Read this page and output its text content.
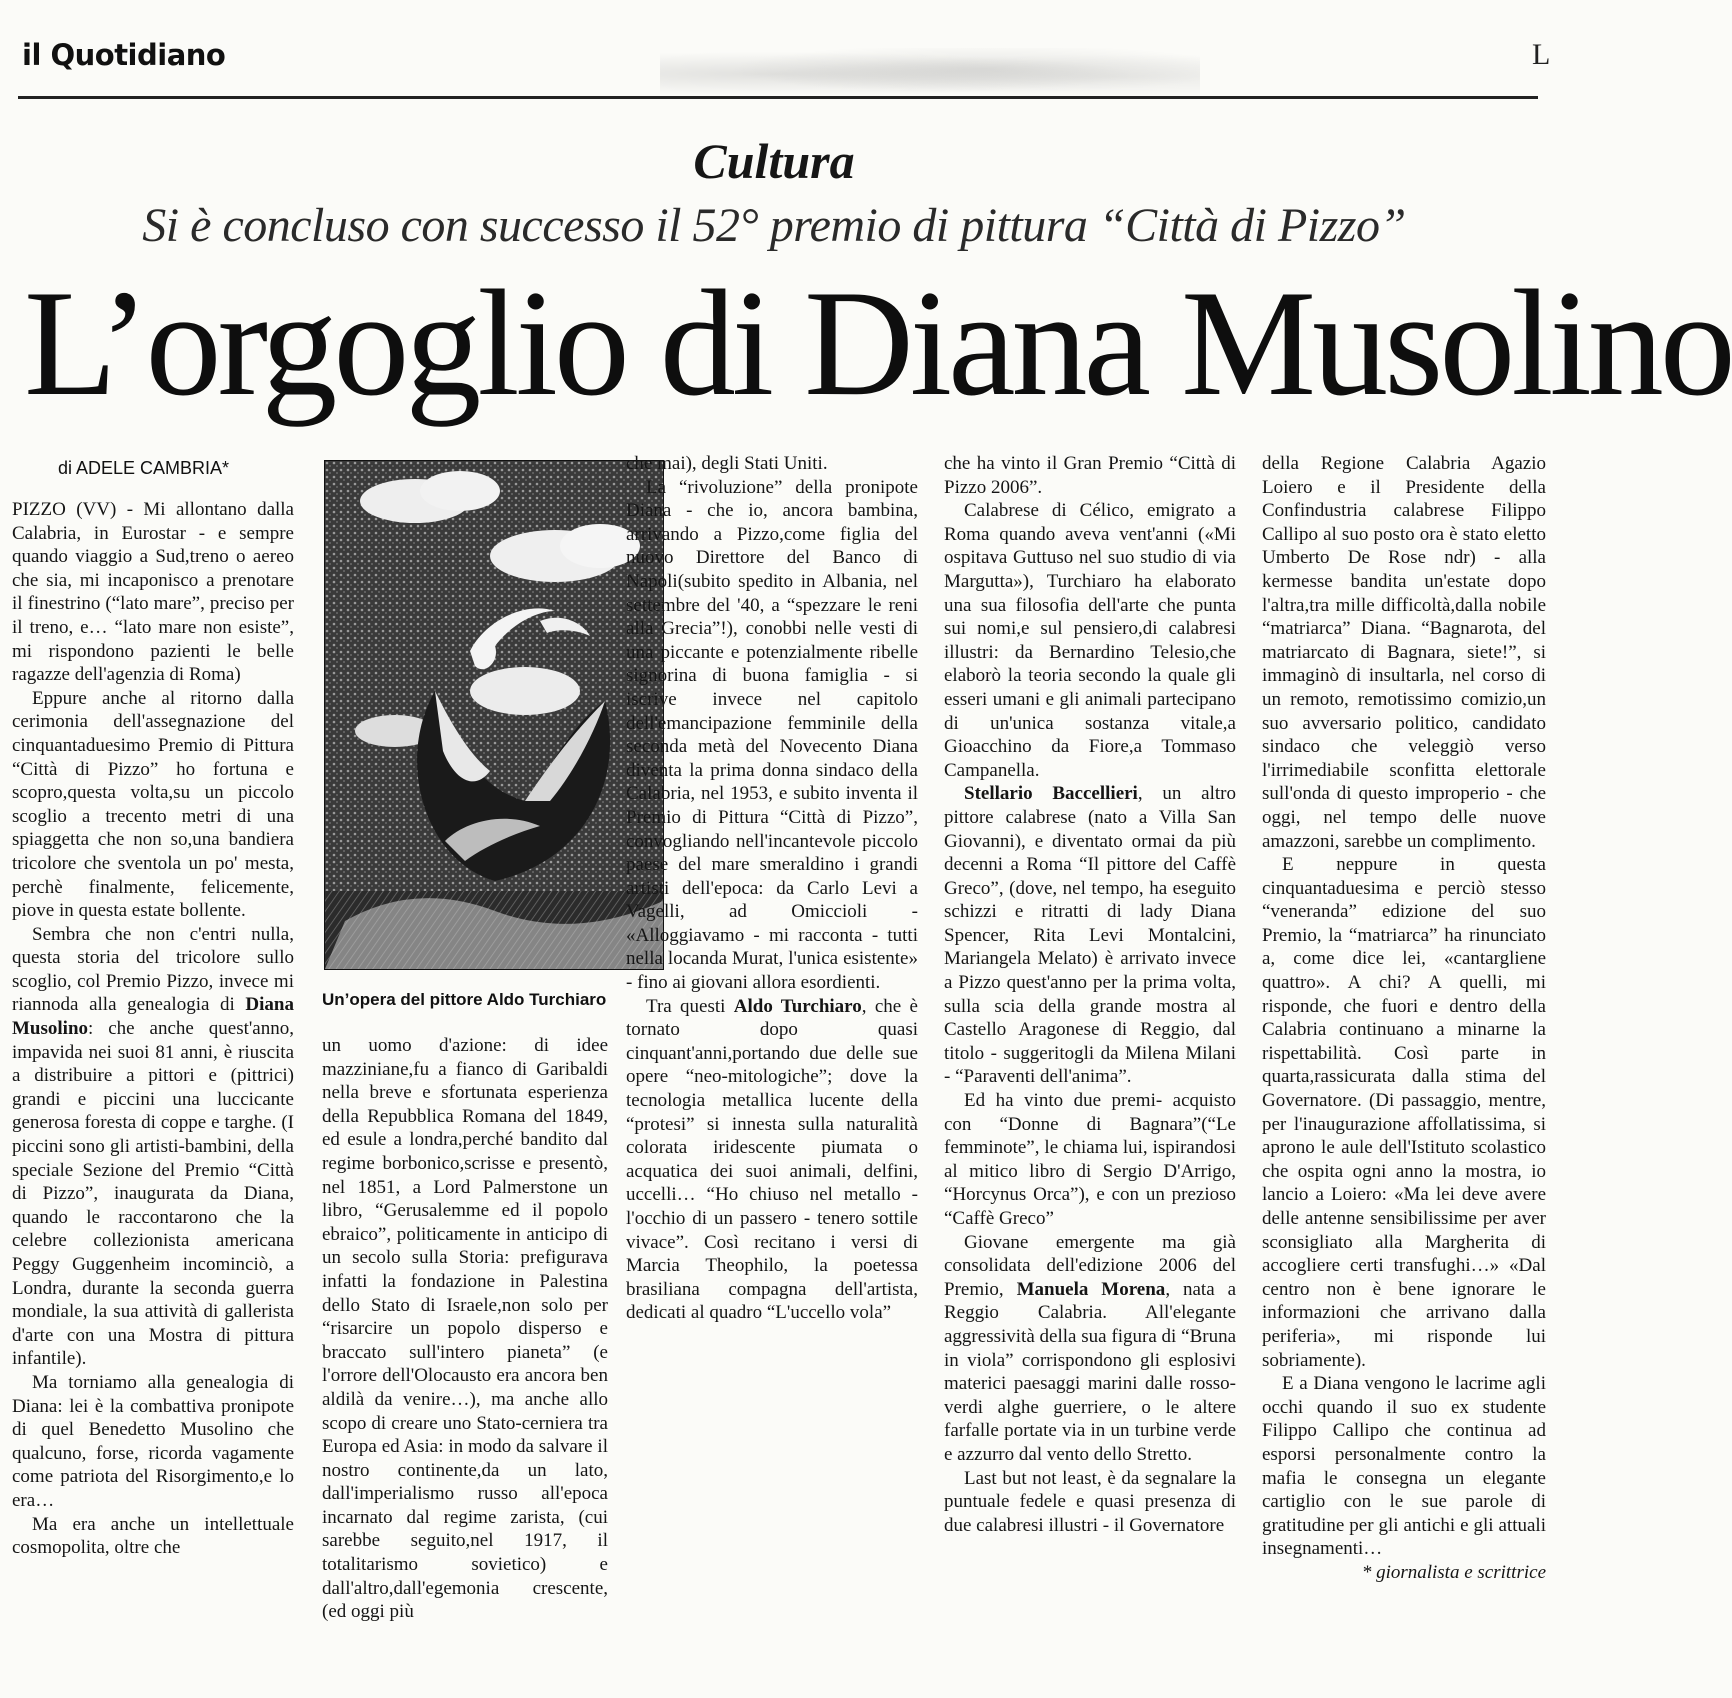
il Quotidiano	L
Cultura
Si è concluso con successo il 52° premio di pittura “Città di Pizzo”
L’orgoglio di Diana Musolino
di ADELE CAMBRIA*

PIZZO (VV) - Mi allontano dalla Calabria, in Eurostar - e sempre quando viaggio a Sud,treno o aereo che sia, mi incaponisco a prenotare il finestrino (“lato mare”, preciso per il treno, e… “lato mare non esiste”, mi rispondono pazienti le belle ragazze dell'agenzia di Roma)

Eppure anche al ritorno dalla cerimonia dell'assegnazione del cinquantaduesimo Premio di Pittura “Città di Pizzo” ho fortuna e scopro,questa volta,su un piccolo scoglio a trecento metri di una spiaggetta che non so,una bandiera tricolore che sventola un po' mesta, perchè finalmente, felicemente, piove in questa estate bollente.

Sembra che non c'entri nulla, questa storia del tricolore sullo scoglio, col Premio Pizzo, invece mi riannoda alla genealogia di Diana Musolino: che anche quest'anno, impavida nei suoi 81 anni, è riuscita a distribuire a pittori e (pittrici) grandi e piccini una luccicante generosa foresta di coppe e targhe. (I piccini sono gli artisti-bambini, della speciale Sezione del Premio “Città di Pizzo”, inaugurata da Diana, quando le raccontarono che la celebre collezionista americana Peggy Guggenheim incominciò, a Londra, durante la seconda guerra mondiale, la sua attività di gallerista d'arte con una Mostra di pittura infantile).

Ma torniamo alla genealogia di Diana: lei è la combattiva pronipote di quel Benedetto Musolino che qualcuno, forse, ricorda vagamente come patriota del Risorgimento,e lo era…

Ma era anche un intellettuale cosmopolita, oltre che

Un’opera del pittore Aldo Turchiaro

un uomo d'azione: di idee mazziniane,fu a fianco di Garibaldi nella breve e sfortunata esperienza della Repubblica Romana del 1849, ed esule a londra,perché bandito dal regime borbonico,scrisse e presentò, nel 1851, a Lord Palmerstone un libro, “Gerusalemme ed il popolo ebraico”, politicamente in anticipo di un secolo sulla Storia: prefigurava infatti la fondazione in Palestina dello Stato di Israele,non solo per “risarcire un popolo disperso e braccato sull'intero pianeta” (e l'orrore dell'Olocausto era ancora ben aldilà da venire…), ma anche allo scopo di creare uno Stato-cerniera tra Europa ed Asia: in modo da salvare il nostro continente,da un lato, dall'imperialismo russo all'epoca incarnato dal regime zarista, (cui sarebbe seguito,nel 1917, il totalitarismo sovietico) e dall'altro,dall'egemonia crescente, (ed oggi più

che mai), degli Stati Uniti.

La “rivoluzione” della pronipote Diana - che io, ancora bambina, arrivando a Pizzo,come figlia del nuovo Direttore del Banco di Napoli(subito spedito in Albania, nel settembre del '40, a “spezzare le reni alla Grecia”!), conobbi nelle vesti di una piccante e potenzialmente ribelle signorina di buona famiglia - si iscrive invece nel capitolo dell'emancipazione femminile della seconda metà del Novecento Diana diventa la prima donna sindaco della Calabria, nel 1953, e subito inventa il Premio di Pittura “Città di Pizzo”, convogliando nell'incantevole piccolo paese del mare smeraldino i grandi artisti dell'epoca: da Carlo Levi a Vagelli, ad Omiccioli - «Alloggiavamo - mi racconta - tutti nella locanda Murat, l'unica esistente» - fino ai giovani allora esordienti.

Tra questi Aldo Turchiaro, che è tornato dopo quasi cinquant'anni,portando due delle sue opere “neo-mitologiche”; dove la tecnologia metallica lucente della “protesi” si innesta sulla naturalità colorata iridescente piumata o acquatica dei suoi animali, delfini, uccelli… “Ho chiuso nel metallo - l'occhio di un passero - tenero sottile vivace”. Così recitano i versi di Marcia Theophilo, la poetessa brasiliana compagna dell'artista, dedicati al quadro “L'uccello vola”

che ha vinto il Gran Premio “Città di Pizzo 2006”.

Calabrese di Célico, emigrato a Roma quando aveva vent'anni («Mi ospitava Guttuso nel suo studio di via Margutta»), Turchiaro ha elaborato una sua filosofia dell'arte che punta sui nomi,e sul pensiero,di calabresi illustri: da Bernardino Telesio,che elaborò la teoria secondo la quale gli esseri umani e gli animali partecipano di un'unica sostanza vitale,a Gioacchino da Fiore,a Tommaso Campanella.

Stellario Baccellieri, un altro pittore calabrese (nato a Villa San Giovanni), e diventato ormai da più decenni a Roma “Il pittore del Caffè Greco”, (dove, nel tempo, ha eseguito schizzi e ritratti di lady Diana Spencer, Rita Levi Montalcini, Mariangela Melato) è arrivato invece a Pizzo quest'anno per la prima volta, sulla scia della grande mostra al Castello Aragonese di Reggio, dal titolo - suggeritogli da Milena Milani - “Paraventi dell'anima”.

Ed ha vinto due premi- acquisto con “Donne di Bagnara”(“Le femminote”, le chiama lui, ispirandosi al mitico libro di Sergio D'Arrigo, “Horcynus Orca”), e con un prezioso “Caffè Greco”

Giovane emergente ma già consolidata dell'edizione 2006 del Premio, Manuela Morena, nata a Reggio Calabria. All'elegante aggressività della sua figura di “Bruna in viola” corrispondono gli esplosivi materici paesaggi marini dalle rosso-verdi alghe guerriere, o le altere farfalle portate via in un turbine verde e azzurro dal vento dello Stretto.

Last but not least, è da segnalare la puntuale fedele e quasi presenza di due calabresi illustri - il Governatore

della Regione Calabria Agazio Loiero e il Presidente della Confindustria calabrese Filippo Callipo al suo posto ora è stato eletto Umberto De Rose ndr) - alla kermesse bandita un'estate dopo l'altra,tra mille difficoltà,dalla nobile “matriarca” Diana. “Bagnarota, del matriarcato di Bagnara, siete!”, si immaginò di insultarla, nel corso di un remoto, remotissimo comizio,un suo avversario politico, candidato sindaco che veleggiò verso l'irrimediabile sconfitta elettorale sull'onda di questo improperio - che oggi, nel tempo delle nuove amazzoni, sarebbe un complimento.

E neppure in questa cinquantaduesima e perciò stesso “veneranda” edizione del suo Premio, la “matriarca” ha rinunciato a, come dice lei, «cantargliene quattro». A chi? A quelli, mi risponde, che fuori e dentro della Calabria continuano a minarne la rispettabilità. Così parte in quarta,rassicurata dalla stima del Governatore. (Di passaggio, mentre, per l'inaugurazione affollatissima, si aprono le aule dell'Istituto scolastico che ospita ogni anno la mostra, io lancio a Loiero: «Ma lei deve avere delle antenne sensibilissime per aver sconsigliato alla Margherita di accogliere certi transfughi…» «Dal centro non è bene ignorare le informazioni che arrivano dalla periferia», mi risponde lui sobriamente).

E a Diana vengono le lacrime agli occhi quando il suo ex studente Filippo Callipo che continua ad esporsi personalmente contro la mafia le consegna un elegante cartiglio con le sue parole di gratitudine per gli antichi e gli attuali insegnamenti…

* giornalista e scrittrice
